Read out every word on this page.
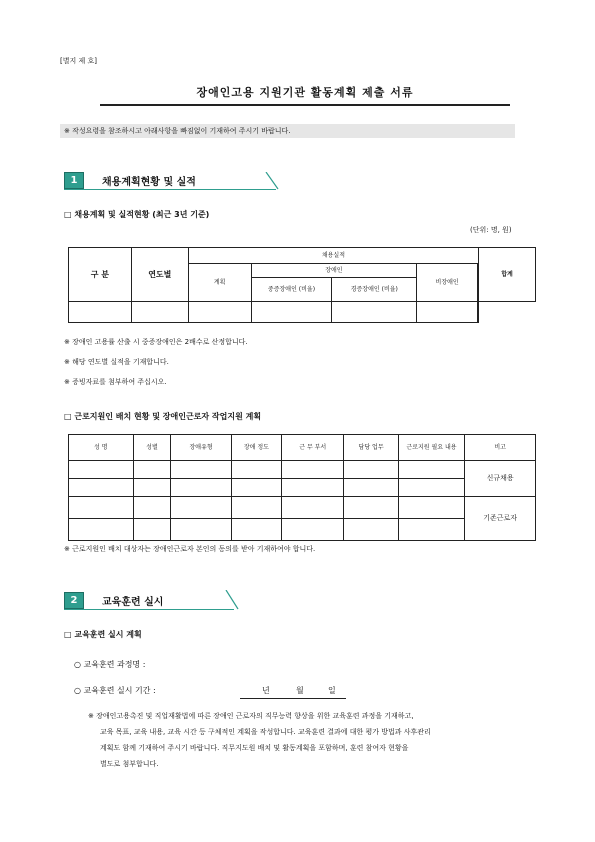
[별지 제 호]
장애인고용 지원기관 활동계획 제출 서류
※ 작성요령을 참조하시고 아래사항을 빠짐없이 기재하여 주시기 바랍니다.
1	채용계획현황 및 실적
□ 채용계획 및 실적현황 (최근 3년 기준)
(단위: 명, 원)
구 분	연도별	채용실적				합계
		계획	장애인		비장애인	
			중증장애인 (비율)	경증장애인 (비율)		

※ 장애인 고용률 산출 시 중증장애인은 2배수로 산정합니다.
※ 해당 연도별 실적을 기재합니다.
※ 증빙자료를 첨부하여 주십시오.
□ 근로지원인 배치 현황 및 장애인근로자 작업지원 계획
성 명	성별	장애유형	장애 정도	근 무 부서	담당 업무	근로지원 필요 내용	비고
							신규채용

							기존근로자

※ 근로지원인 배치 대상자는 장애인근로자 본인의 동의를 받아 기재하여야 합니다.
2	교육훈련 실시
□ 교육훈련 실시 계획
○ 교육훈련 과정명 :
○ 교육훈련 실시 기간 :	년	월	일
※ 장애인고용촉진 및 직업재활법에 따른 장애인 근로자의 직무능력 향상을 위한 교육훈련 과정을 기재하고,
교육 목표, 교육 내용, 교육 시간 등 구체적인 계획을 작성합니다. 교육훈련 결과에 대한 평가 방법과 사후관리
계획도 함께 기재하여 주시기 바랍니다. 직무지도원 배치 및 활동계획을 포함하며, 훈련 참여자 현황을
별도로 첨부합니다.
